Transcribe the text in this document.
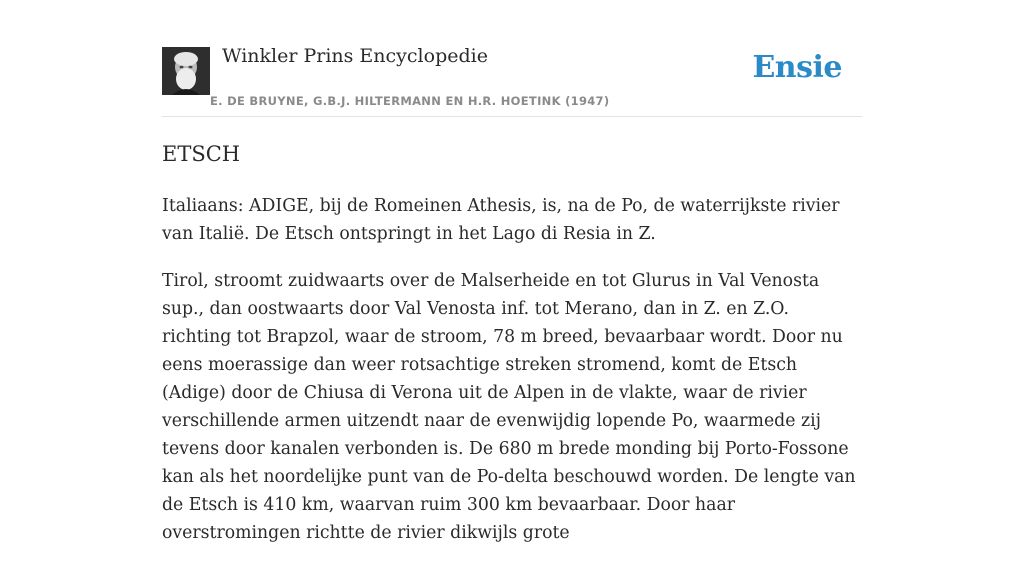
Winkler Prins Encyclopedie
E. DE BRUYNE, G.B.J. HILTERMANN EN H.R. HOETINK (1947)
Ensie
ETSCH

Italiaans: ADIGE, bij de Romeinen Athesis, is, na de Po, de waterrijkste rivier van Italië. De Etsch ontspringt in het Lago di Resia in Z.

Tirol, stroomt zuidwaarts over de Malserheide en tot Glurus in Val Venosta sup., dan oostwaarts door Val Venosta inf. tot Merano, dan in Z. en Z.O. richting tot Brapzol, waar de stroom, 78 m breed, bevaarbaar wordt. Door nu eens moerassige dan weer rotsachtige streken stromend, komt de Etsch (Adige) door de Chiusa di Verona uit de Alpen in de vlakte, waar de rivier verschillende armen uitzendt naar de evenwijdig lopende Po, waarmede zij tevens door kanalen verbonden is. De 680 m brede monding bij Porto-Fossone kan als het noordelijke punt van de Po-delta beschouwd worden. De lengte van de Etsch is 410 km, waarvan ruim 300 km bevaarbaar. Door haar overstromingen richtte de rivier dikwijls grote
